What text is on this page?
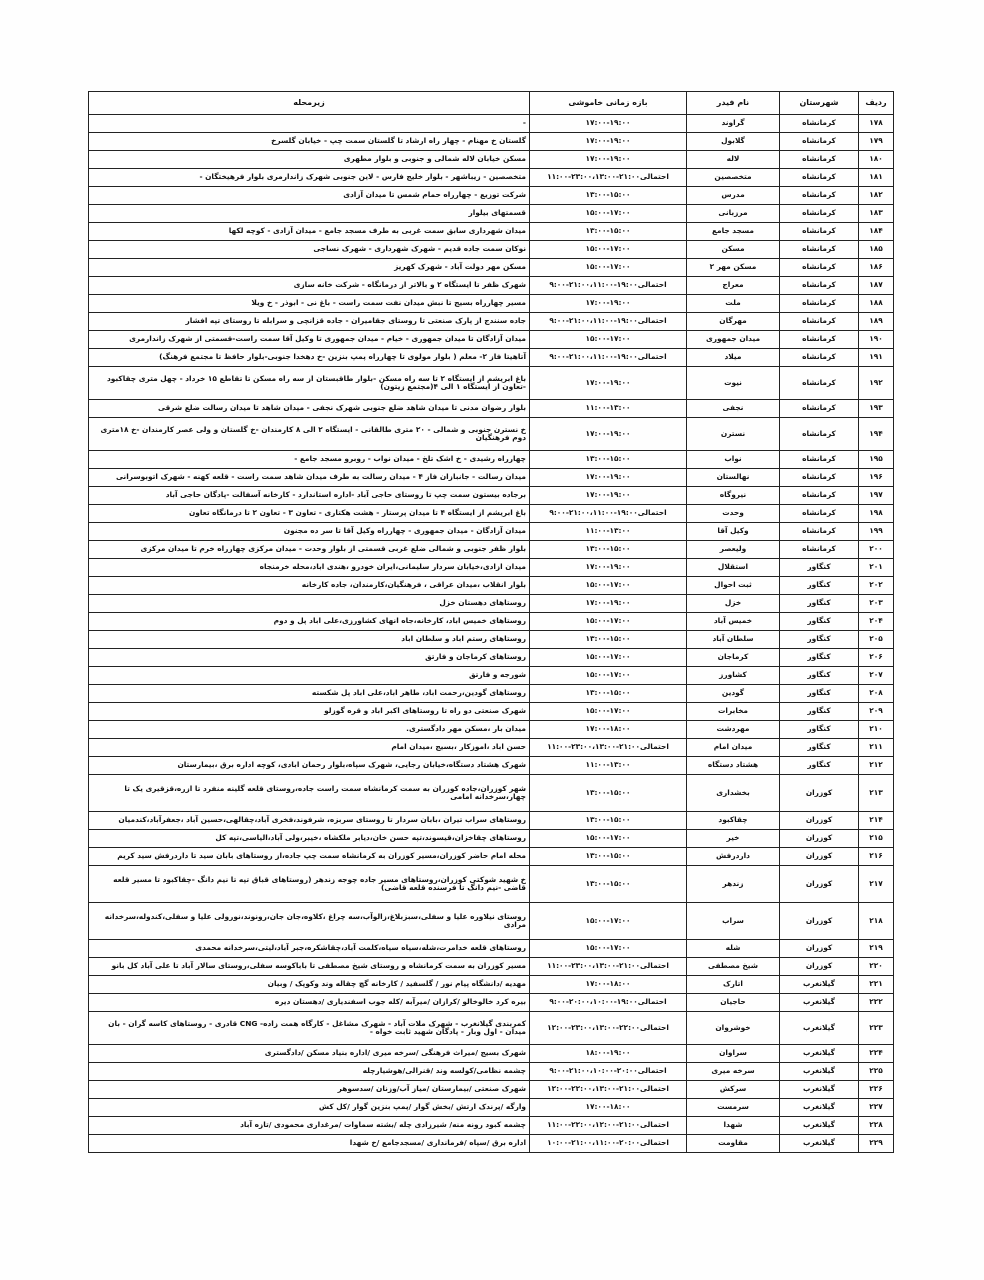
ردیف	شهرستان	نام فیدر	بازه زمانی خاموشی	زیرمحله
۱۷۸	کرمانشاه	گراوند	۱۷:۰۰-۱۹:۰۰	-
۱۷۹	کرمانشاه	گلابول	۱۷:۰۰-۱۹:۰۰	گلستان خ مهنام - چهار راه ارشاد تا گلستان سمت چپ - خیابان گلسرخ
۱۸۰	کرمانشاه	لاله	۱۷:۰۰-۱۹:۰۰	مسکن خیابان لاله شمالی و جنوبی و بلوار مطهری
۱۸۱	کرمانشاه	متخصصین	احتمالی۲۱:۰۰-۲۳:۰۰،۱۳:۰۰-۱۱:۰۰	متخصصین - زیباشهر - بلوار خلیج فارس - لاین جنوبی شهرک زاندارمری بلوار فرهیختگان -
۱۸۲	کرمانشاه	مدرس	۱۳:۰۰-۱۵:۰۰	شرکت توزیع - چهارراه حمام شمس تا میدان آزادی
۱۸۳	کرمانشاه	مرزبانی	۱۵:۰۰-۱۷:۰۰	قسمتهای بیلوار
۱۸۴	کرمانشاه	مسجد جامع	۱۳:۰۰-۱۵:۰۰	میدان شهرداری سابق سمت غربی به طرف مسجد جامع - میدان آزادی - کوچه لکها
۱۸۵	کرمانشاه	مسکن	۱۵:۰۰-۱۷:۰۰	نوکان سمت جاده قدیم - شهرک شهرداری - شهرک نساجی
۱۸۶	کرمانشاه	مسکن مهر ۲	۱۵:۰۰-۱۷:۰۰	مسکن مهر دولت آباد - شهرک کهریز
۱۸۷	کرمانشاه	معراج	احتمالی۱۹:۰۰-۲۱:۰۰،۱۱:۰۰-۹:۰۰	شهرک ظفر تا ایستگاه ۲ و بالاتر از درمانگاه - شرکت خانه سازی
۱۸۸	کرمانشاه	ملت	۱۷:۰۰-۱۹:۰۰	مسیر چهارراه بسیج تا نبش میدان نفت سمت راست - باغ نی - ابوذر - خ ویلا
۱۸۹	کرمانشاه	مهرگان	احتمالی۱۹:۰۰-۲۱:۰۰،۱۱:۰۰-۹:۰۰	جاده سنندج از پارک صنعتی تا روستای جقامیران - جاده قزانچی و سرابله تا روستای تپه افشار
۱۹۰	کرمانشاه	میدان جمهوری	۱۵:۰۰-۱۷:۰۰	میدان آزادگان تا میدان جمهوری - خیام - میدان جمهوری تا وکیل آقا سمت راست-قسمتی از شهرک زاندارمری
۱۹۱	کرمانشاه	میلاد	احتمالی۱۹:۰۰-۲۱:۰۰،۱۱:۰۰-۹:۰۰	آتاهیتا فاز ۲- معلم ( بلوار مولوی تا چهارراه پمپ بنزین -خ دهخدا جنوبی-بلوار حافظ تا مجتمع فرهنگ)
۱۹۲	کرمانشاه	نیوت	۱۷:۰۰-۱۹:۰۰	باغ ابریشم از ایستگاه ۲ تا سه راه مسکن -بلوار طاقبستان از سه راه مسکن تا تقاطع ۱۵ خرداد - چهل متری چقاکبود -تعاون از ایستگاه ۱ الی ۴(مجتمع زیتون)
۱۹۳	کرمانشاه	نجفی	۱۱:۰۰-۱۳:۰۰	بلوار رضوان مدنی تا میدان شاهد ضلع جنوبی شهرک نجفی - میدان شاهد تا میدان رسالت ضلع شرقی
۱۹۴	کرمانشاه	نسترن	۱۷:۰۰-۱۹:۰۰	خ نسترن جنوبی و شمالی - ۲۰ متری طالقانی - ایستگاه ۲ الی ۸ کارمندان -خ گلستان و ولی عصر کارمندان -خ ۱۸متری دوم فرهنگیان
۱۹۵	کرمانشاه	نواب	۱۳:۰۰-۱۵:۰۰	چهارراه رشیدی - خ اشک تلخ - میدان نواب - روبرو مسجد جامع -
۱۹۶	کرمانشاه	نهالستان	۱۷:۰۰-۱۹:۰۰	میدان رسالت - جانبازان فاز ۴ - میدان رسالت به طرف میدان شاهد سمت راست - قلعه کهنه - شهرک اتوبوسرانی
۱۹۷	کرمانشاه	نیروگاه	۱۷:۰۰-۱۹:۰۰	برجاده بیستون سمت چپ تا روستای حاجی آباد -اداره استاندارد - کارخانه آسفالت -پادگان حاجی آباد
۱۹۸	کرمانشاه	وحدت	احتمالی۱۹:۰۰-۲۱:۰۰،۱۱:۰۰-۹:۰۰	باغ ابریشم از ایستگاه ۴ تا میدان پرستار - هشت هکتاری - تعاون ۳ - تعاون ۲ تا درمانگاه تعاون
۱۹۹	کرمانشاه	وکیل آقا	۱۱:۰۰-۱۳:۰۰	میدان آزادگان - میدان جمهوری - چهارراه وکیل آقا تا سر ده مجنون
۲۰۰	کرمانشاه	ولیعصر	۱۳:۰۰-۱۵:۰۰	بلوار ظفر جنوبی و شمالی ضلع غربی قسمتی از بلوار وحدت - میدان مرکزی چهارراه خرم تا میدان مرکزی
۲۰۱	کنگاور	استقلال	۱۷:۰۰-۱۹:۰۰	میدان ازادی،خیابان سردار سلیمانی،ایران خودرو ،هندی اباد،محله خرمنجاه
۲۰۲	کنگاور	ثبت احوال	۱۵:۰۰-۱۷:۰۰	بلوار انقلاب ،میدان عراقی ، فرهنگیان،کارمندان، جاده کارخانه
۲۰۳	کنگاور	خزل	۱۷:۰۰-۱۹:۰۰	روستاهای دهستان خزل
۲۰۴	کنگاور	خمیس آباد	۱۵:۰۰-۱۷:۰۰	روستاهای خمیس اباد، کارخانه،جاه انهای کشاورزی،علی اباد پل و دوم
۲۰۵	کنگاور	سلطان آباد	۱۳:۰۰-۱۵:۰۰	روستاهای رستم اباد و سلطان اباد
۲۰۶	کنگاور	کرماجان	۱۵:۰۰-۱۷:۰۰	روستاهای کرماجان و فارتق
۲۰۷	کنگاور	کشاورز	۱۵:۰۰-۱۷:۰۰	شورجه و فارتق
۲۰۸	کنگاور	گودین	۱۳:۰۰-۱۵:۰۰	روستاهای گودین،رحمت اباد، طاهر اباد،علی اباد پل شکسته
۲۰۹	کنگاور	مخابرات	۱۵:۰۰-۱۷:۰۰	شهرک صنعتی دو راه تا روستاهای اکبر اباد و قره گوزلو
۲۱۰	کنگاور	مهردشت	۱۷:۰۰-۱۸:۰۰	میدان بار ،مسکن مهر دادگستری.
۲۱۱	کنگاور	میدان امام	احتمالی۲۱:۰۰-۲۳:۰۰،۱۳:۰۰-۱۱:۰۰	حسن اباد ،اموزکار ،بسیج ،میدان امام
۲۱۲	کنگاور	هشتاد دستگاه	۱۱:۰۰-۱۳:۰۰	شهرک هشتاد دستگاه،خیابان رجایی، شهرک سپاه،بلوار رحمان ابادی، کوچه اداره برق ،بیمارستان
۲۱۳	کوزران	بخشداری	۱۳:۰۰-۱۵:۰۰	شهر کوزران،جاده کوزران به سمت کرمانشاه سمت راست جاده،روستای قلعه گلینه منفرد تا ازره،قزقیری یک تا چهار،سرخدانه امامی
۲۱۴	کوزران	چقاکبود	۱۳:۰۰-۱۵:۰۰	روستاهای سراب تیران ،بابان سردار تا روستای سربزه، شرفوند،فخری آباد،چقالهی،حسین آباد ،جعفرآباد،کندمیان
۲۱۵	کوزران	خیر	۱۵:۰۰-۱۷:۰۰	روستاهای چقاخزان،قیسوند،تپه حسن خان،دیابر ملکشاه ،خیبر،ولی آباد،الیاسی،تپه کل
۲۱۶	کوزران	داردرفش	۱۳:۰۰-۱۵:۰۰	محله امام حاضر کوزران،مسیر کوزران به کرمانشاه سمت چپ جاده،از روستاهای بابان سید تا داردرفش سید کریم
۲۱۷	کوزران	زندهر	۱۳:۰۰-۱۵:۰۰	خ شهید شوکتی کوزران،روستاهای مسیر جاده چوجه زندهر (روستاهای قباق تپه تا نیم دانگ -چقاکبود تا مسیر قلعه قاضی -نیم دانگ تا فرسنده قلعه قاضی)
۲۱۸	کوزران	سراب	۱۵:۰۰-۱۷:۰۰	روستای نیلاوره علیا و سفلی،سبزبلاغ،زالوآب،سه چراغ ،کلاوه،جان جان،رونوند،نورولی علیا و سفلی،کندوله،سرخدانه مرادی
۲۱۹	کوزران	شله	۱۵:۰۰-۱۷:۰۰	روستاهای قلعه خدامرت،شله،سیاه سیاه،کلمت آباد،چقاشکره،جبر آباد،لیتی،سرخدانه محمدی
۲۲۰	کوزران	شیخ مصطفی	احتمالی۲۱:۰۰-۲۳:۰۰،۱۳:۰۰-۱۱:۰۰	مسیر کوزران به سمت کرمانشاه و روستای شیخ مصطفی تا باباکوسه سفلی،روستای سالار آباد تا علی آباد کل بانو
۲۲۱	گیلانغرب	اتارک	۱۷:۰۰-۱۸:۰۰	مهدیه /دانشگاه پیام نور / گلسفید / کارخانه گچ چقاله وند وکوپک / وبیان
۲۲۲	گیلانغرب	حاجیان	احتمالی۱۹:۰۰-۲۰:۰۰،۱۰:۰۰-۹:۰۰	بیره کرد خالوخالو /کرازان /میرآبه /کله جوب اسفندیاری /دهستان دیره
۲۲۳	گیلانغرب	خوشروان	احتمالی۲۲:۰۰-۲۳:۰۰،۱۳:۰۰-۱۲:۰۰	کمربندی گیلانغرب - شهرک ملات آباد - شهرک مشاغل - کارگاه همت زاده- CNG قادری - روستاهای کاسه گران - بان میدان - اول وبار - پادگان شهید ثابت خواه -
۲۲۴	گیلانغرب	سراوان	۱۸:۰۰-۱۹:۰۰	شهرک بسیج /میراث فرهنگی /سرخه میری /اداره بنیاد مسکن /دادگستری
۲۲۵	گیلانغرب	سرخه میری	احتمالی۲۰:۰۰-۲۱:۰۰،۱۰:۰۰-۹:۰۰	چشمه نظامی/کولسه وند /قنرالی/هوشیارچله
۲۲۶	گیلانغرب	سرکش	احتمالی۲۱:۰۰-۲۲:۰۰،۱۳:۰۰-۱۲:۰۰	شهرک صنعتی /بیمارستان /میاز آب/وزنان /سدسوهر
۲۲۷	گیلانغرب	سرمست	۱۷:۰۰-۱۸:۰۰	وارگه /پرندک ارتش /بخش گوار /پمپ بنزین گوار /کل کش
۲۲۸	گیلانغرب	شهدا	احتمالی۲۱:۰۰-۲۲:۰۰،۱۲:۰۰-۱۱:۰۰	چشمه کبود رونه منه/ شیرزادی چله /بشته سماوات /مرغداری محمودی /تازه آباد
۲۲۹	گیلانغرب	مقاومت	احتمالی۲۰:۰۰-۲۱:۰۰،۱۱:۰۰-۱۰:۰۰	اداره برق /سپاه /فرمانداری /مسجدجامع /خ شهدا
